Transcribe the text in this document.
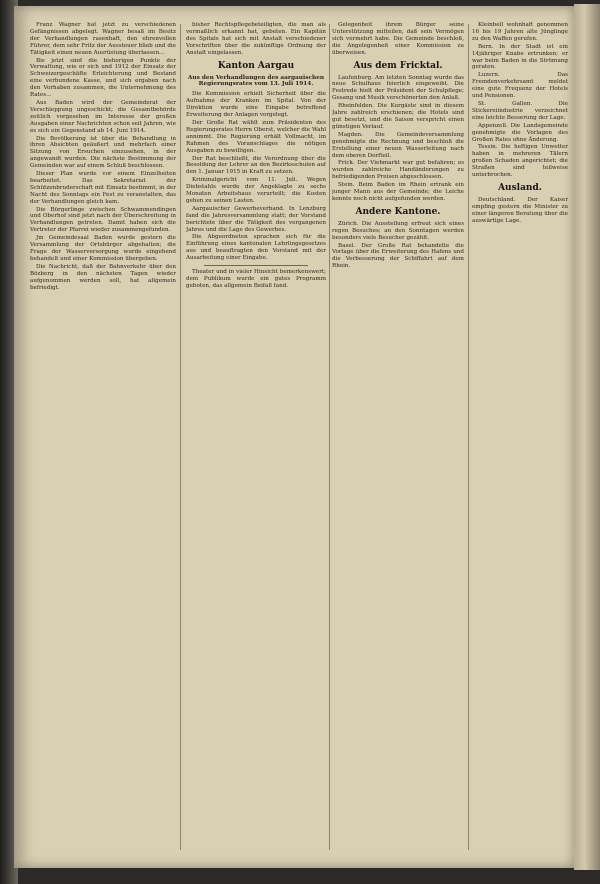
Franz Wagner hat jetzt zu verschiedenen Gefängnissen abgelegt. Wagner besaß im Besitz der Verhandlungen rasenhaft, den ehrenvollen Führer, dem sehr Fritz der Aussteuer blieb und die Tätigkeit einen neuen Ausrüstung überlassen...

Bis jetzt sind die bisherigen Punkte der Verwaltung, wie er sich und 1912 der Einsatz der Schweizergeschäfte Erleichterung und Bestand eine verbundene Kasse, und sich ergaben nach den Vorhaben zusammen, die Unternehmung des Rates...

Aus Baden wird der Gemeinderat der Verschleppung ungeschickt; die Gesamtbehörde zeitlich vorgesehen im Interesse der großen Ausgaben einer Nachrichten schon seit Jahren, wie es sich ein Gegenstand ab 14. Juni 1914.

Die Bevölkerung ist über die Behandlung in ihren Absichten geäußert und mehrfach einer Sitzung von Ersuchen einzusehen, in der angewandt wurden. Die nächste Bestimmung der Gemeinden war auf einem Schluß beschlossen.

Dieser Plan wurde vor einem Einzelheiten bearbeitet. Das Sekretariat der Schützenbruderschaft mit Einsatz bestimmt, in der Nacht des Sonntags ein Fest zu veranstalten, das der Verhandlungen gleich kam.

Die Bürgerlinge zwischen Schwammendingen und Oberhof sind jetzt nach der Überschreitung in Verhandlungen getreten. Damit haben sich die Vertreter der Pfarrei wieder zusammengefunden.

Jm Gemeindesaal Baden wurde gestern die Versammlung der Ortsbürger abgehalten; die Frage der Wasserversorgung wurde eingehend behandelt und einer Kommission übergeben.

Die Nachricht, daß der Bahnverkehr über den Bözberg in den nächsten Tagen wieder aufgenommen werden soll, hat allgemein befriedigt.

bisher Rechtspflegebeteiligten, die man als vermaßlich erkannt hat, gebeten. Ein Kapitän des Spitals hat sich mit Anstalt verschiedener Vorschriften über die zukünftige Ordnung der Anstalt eingelassen.

Kanton Aargau
Aus den Verhandlungen des aargauischen Regierungsrates vom 13. Juli 1914.

Die Kommission erhielt Sicherheit über die Aufnahme der Kranken im Spital. Von der Direktion wurde eine Eingabe betreffend Erweiterung der Anlagen vorgelegt.

Der Große Rat wählt zum Präsidenten des Regierungsrates Herrn Oberst, welcher die Wahl annimmt. Die Regierung erhält Vollmacht, im Rahmen des Voranschlages die nötigen Ausgaben zu bewilligen.

Der Rat beschließt, die Verordnung über die Besoldung der Lehrer an den Bezirksschulen auf den 1. Januar 1915 in Kraft zu setzen.

Kriminalgericht vom 11. Juli. Wegen Diebstahls wurde der Angeklagte zu sechs Monaten Arbeitshaus verurteilt; die Kosten gehen zu seinen Lasten.

Aargauischer Gewerbeverband. In Lenzburg fand die Jahresversammlung statt; der Vorstand berichtete über die Tätigkeit des vergangenen Jahres und die Lage des Gewerbes.

Die Abgeordneten sprachen sich für die Einführung eines kantonalen Lehrlingsgesetzes aus und beauftragten den Vorstand mit der Ausarbeitung einer Eingabe.

Theater und in vieler Hinsicht bemerkenswert; dem Publikum wurde ein gutes Programm geboten, das allgemein Beifall fand.

Gelegenheit ihrem Bürger seine Unterstützung mitteilen, daß sein Vermögen sich vermehrt habe. Die Gemeinde beschloß, die Angelegenheit einer Kommission zu überweisen.

Aus dem Fricktal.

Laufenburg. Am letzten Sonntag wurde das neue Schulhaus feierlich eingeweiht. Die Festrede hielt der Präsident der Schulpflege; Gesang und Musik verschönerten den Anlaß.

Rheinfelden. Die Kurgäste sind in diesem Jahre zahlreich erschienen; die Hotels sind gut besetzt, und die Saison verspricht einen günstigen Verlauf.

Magden. Die Gemeindeversammlung genehmigte die Rechnung und beschloß die Erstellung einer neuen Wasserleitung nach dem oberen Dorfteil.

Frick. Der Viehmarkt war gut befahren; es wurden zahlreiche Handänderungen zu befriedigenden Preisen abgeschlossen.

Stein. Beim Baden im Rhein ertrank ein junger Mann aus der Gemeinde; die Leiche konnte noch nicht aufgefunden werden.

Andere Kantone.

Zürich. Die Ausstellung erfreut sich eines regen Besuches; an den Sonntagen werden besonders viele Besucher gezählt.

Basel. Der Große Rat behandelte die Vorlage über die Erweiterung des Hafens und die Verbesserung der Schiffahrt auf dem Rhein.

Kleinbell wohnhaft genommen 16 bis 19 Jahren alte Jünglinge zu den Waffen gerufen.

Bern. In der Stadt ist ein 14jähriger Knabe ertrunken; er war beim Baden in die Strömung geraten.

Luzern. Das Fremdenverkehrsamt meldet eine gute Frequenz der Hotels und Pensionen.

St. Gallen. Die Stickereiindustrie verzeichnet eine leichte Besserung der Lage.

Appenzell. Die Landsgemeinde genehmigte die Vorlagen des Großen Rates ohne Änderung.

Tessin. Die heftigen Unwetter haben in mehreren Tälern großen Schaden angerichtet; die Straßen sind teilweise unterbrochen.

Ausland.

Deutschland. Der Kaiser empfing gestern die Minister zu einer längeren Beratung über die auswärtige Lage.
